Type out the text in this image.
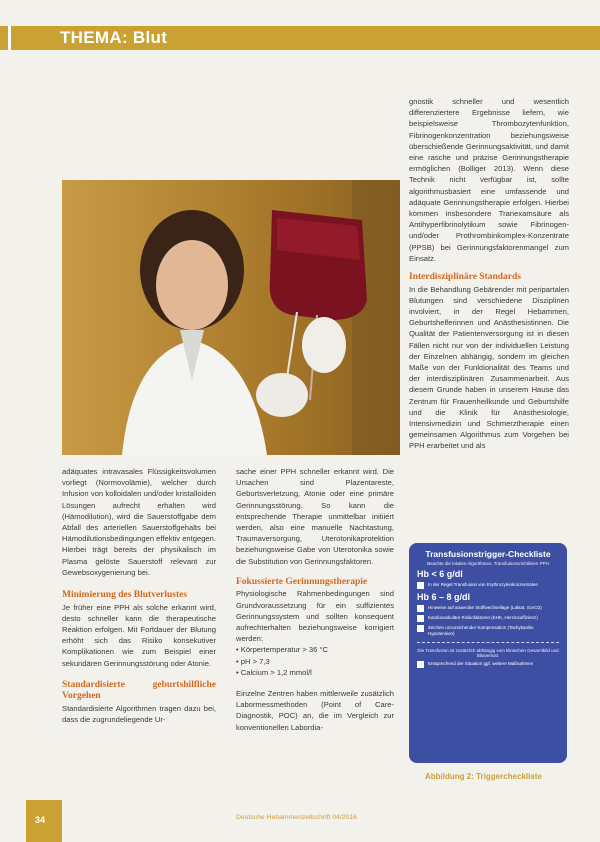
THEMA: Blut

adäquates intravasales Flüssigkeitsvolumen vorliegt (Normovolämie), welcher durch Infusion von kolloidalen und/oder kristalloiden Lösungen aufrecht erhalten wird (Hämodilution), wird die Sauerstoffgabe dem Abfall des arteriellen Sauerstoffgehalts bei Hämodilutionsbedingungen effektiv entgegen. Hierbei trägt bereits der physikalisch im Plasma gelöste Sauerstoff relevant zur Gewebsoxygenierung bei.

Minimierung des Blutverlustes

Je früher eine PPH als solche erkannt wird, desto schneller kann die therapeutische Reaktion erfolgen. Mit Fortdauer der Blutung erhöht sich das Risiko konsekutiver Komplikationen wie zum Beispiel einer sekundären Gerinnungsstörung oder Atonie.

Standardisierte geburtshilfliche Vorgehen

Standardisierte Algorithmen tragen dazu bei, dass die zugrundeliegende Ur-

sache einer PPH schneller erkannt wird. Die Ursachen sind Plazentareste, Geburtsverletzung, Atonie oder eine primäre Gerinnungsstörung. So kann die entsprechende Therapie unmittelbar initiiert werden, also eine manuelle Nachtastung, Traumaversorgung, Uterotonikaprotektion beziehungsweise Gabe von Uterotonika sowie die Substitution von Gerinnungsfaktoren.

Fokussierte Gerinnungstherapie

Physiologische Rahmenbedingungen sind Grundvoraussetzung für ein suffizientes Gerinnungssystem und sollten konsequent aufrechterhalten beziehungsweise korrigiert werden:

• Körpertemperatur > 36 °C
• pH > 7,3
• Calcium > 1,2 mmol/l

Einzelne Zentren haben mittlerweile zusätzlich Labormessmethoden (Point of Care-Diagnostik, POC) an, die im Vergleich zur konventionellen Labordia-

gnostik schneller und wesentlich differenziertere Ergebnisse liefern, wie beispielsweise Thrombozytenfunktion, Fibrinogenkonzentration beziehungsweise überschießende Gerinnungsaktivität, und damit eine rasche und präzise Gerinnungstherapie ermöglichen (Bolliger 2013). Wenn diese Technik nicht verfügbar ist, sollte algorithmusbasiert eine umfassende und adäquate Gerinnungstherapie erfolgen. Hierbei kommen insbesondere Tranexamsäure als Antihyperfibrinolytikum sowie Fibrinogen- und/oder Prothrombinkomplex-Konzentrate (PPSB) bei Gerinnungsfaktorenmangel zum Einsatz.

Interdisziplinäre Standards

In die Behandlung Gebärender mit peripartalen Blutungen sind verschiedene Disziplinen involviert, in der Regel Hebammen, Geburtshelferinnen und Anästhesistinnen. Die Qualität der Patientenversorgung ist in diesen Fällen nicht nur von der individuellen Leistung der Einzelnen abhängig, sondern im gleichen Maße von der Funktionalität des Teams und der interdisziplinären Zusammenarbeit. Aus diesem Grunde haben in unserem Hause das Zentrum für Frauenheilkunde und Geburtshilfe und die Klinik für Anästhesiologie, Intensivmedizin und Schmerztherapie einen gemeinsamen Algorithmus zum Vorgehen bei PPH erarbeitet und als

Transfusionstrigger-Checkliste
Beachte die lokalen Algorithmen, Transfusionsrichtlinien PPH
Hb < 6 g/dl
In der Regel Transfusion von Erythrozytenkonzentraten
Hb 6 – 8 g/dl
Hinweise auf anaerobe Stoffwechsellage (Laktat, ScvO2)
Kardiovaskuläre Risikofaktoren (KHK, Herzinsuffizienz)
Zeichen unzureichender Kompensation (Tachykardie, Hypotension)
Die Transfusion ist zusätzlich abhängig vom klinischen Gesamtbild und Blutverlust.
Entsprechend der Situation ggf. weitere Maßnahmen
Abbildung 2: Triggercheckliste
34	Deutsche Hebammenzeitschrift 04/2016
